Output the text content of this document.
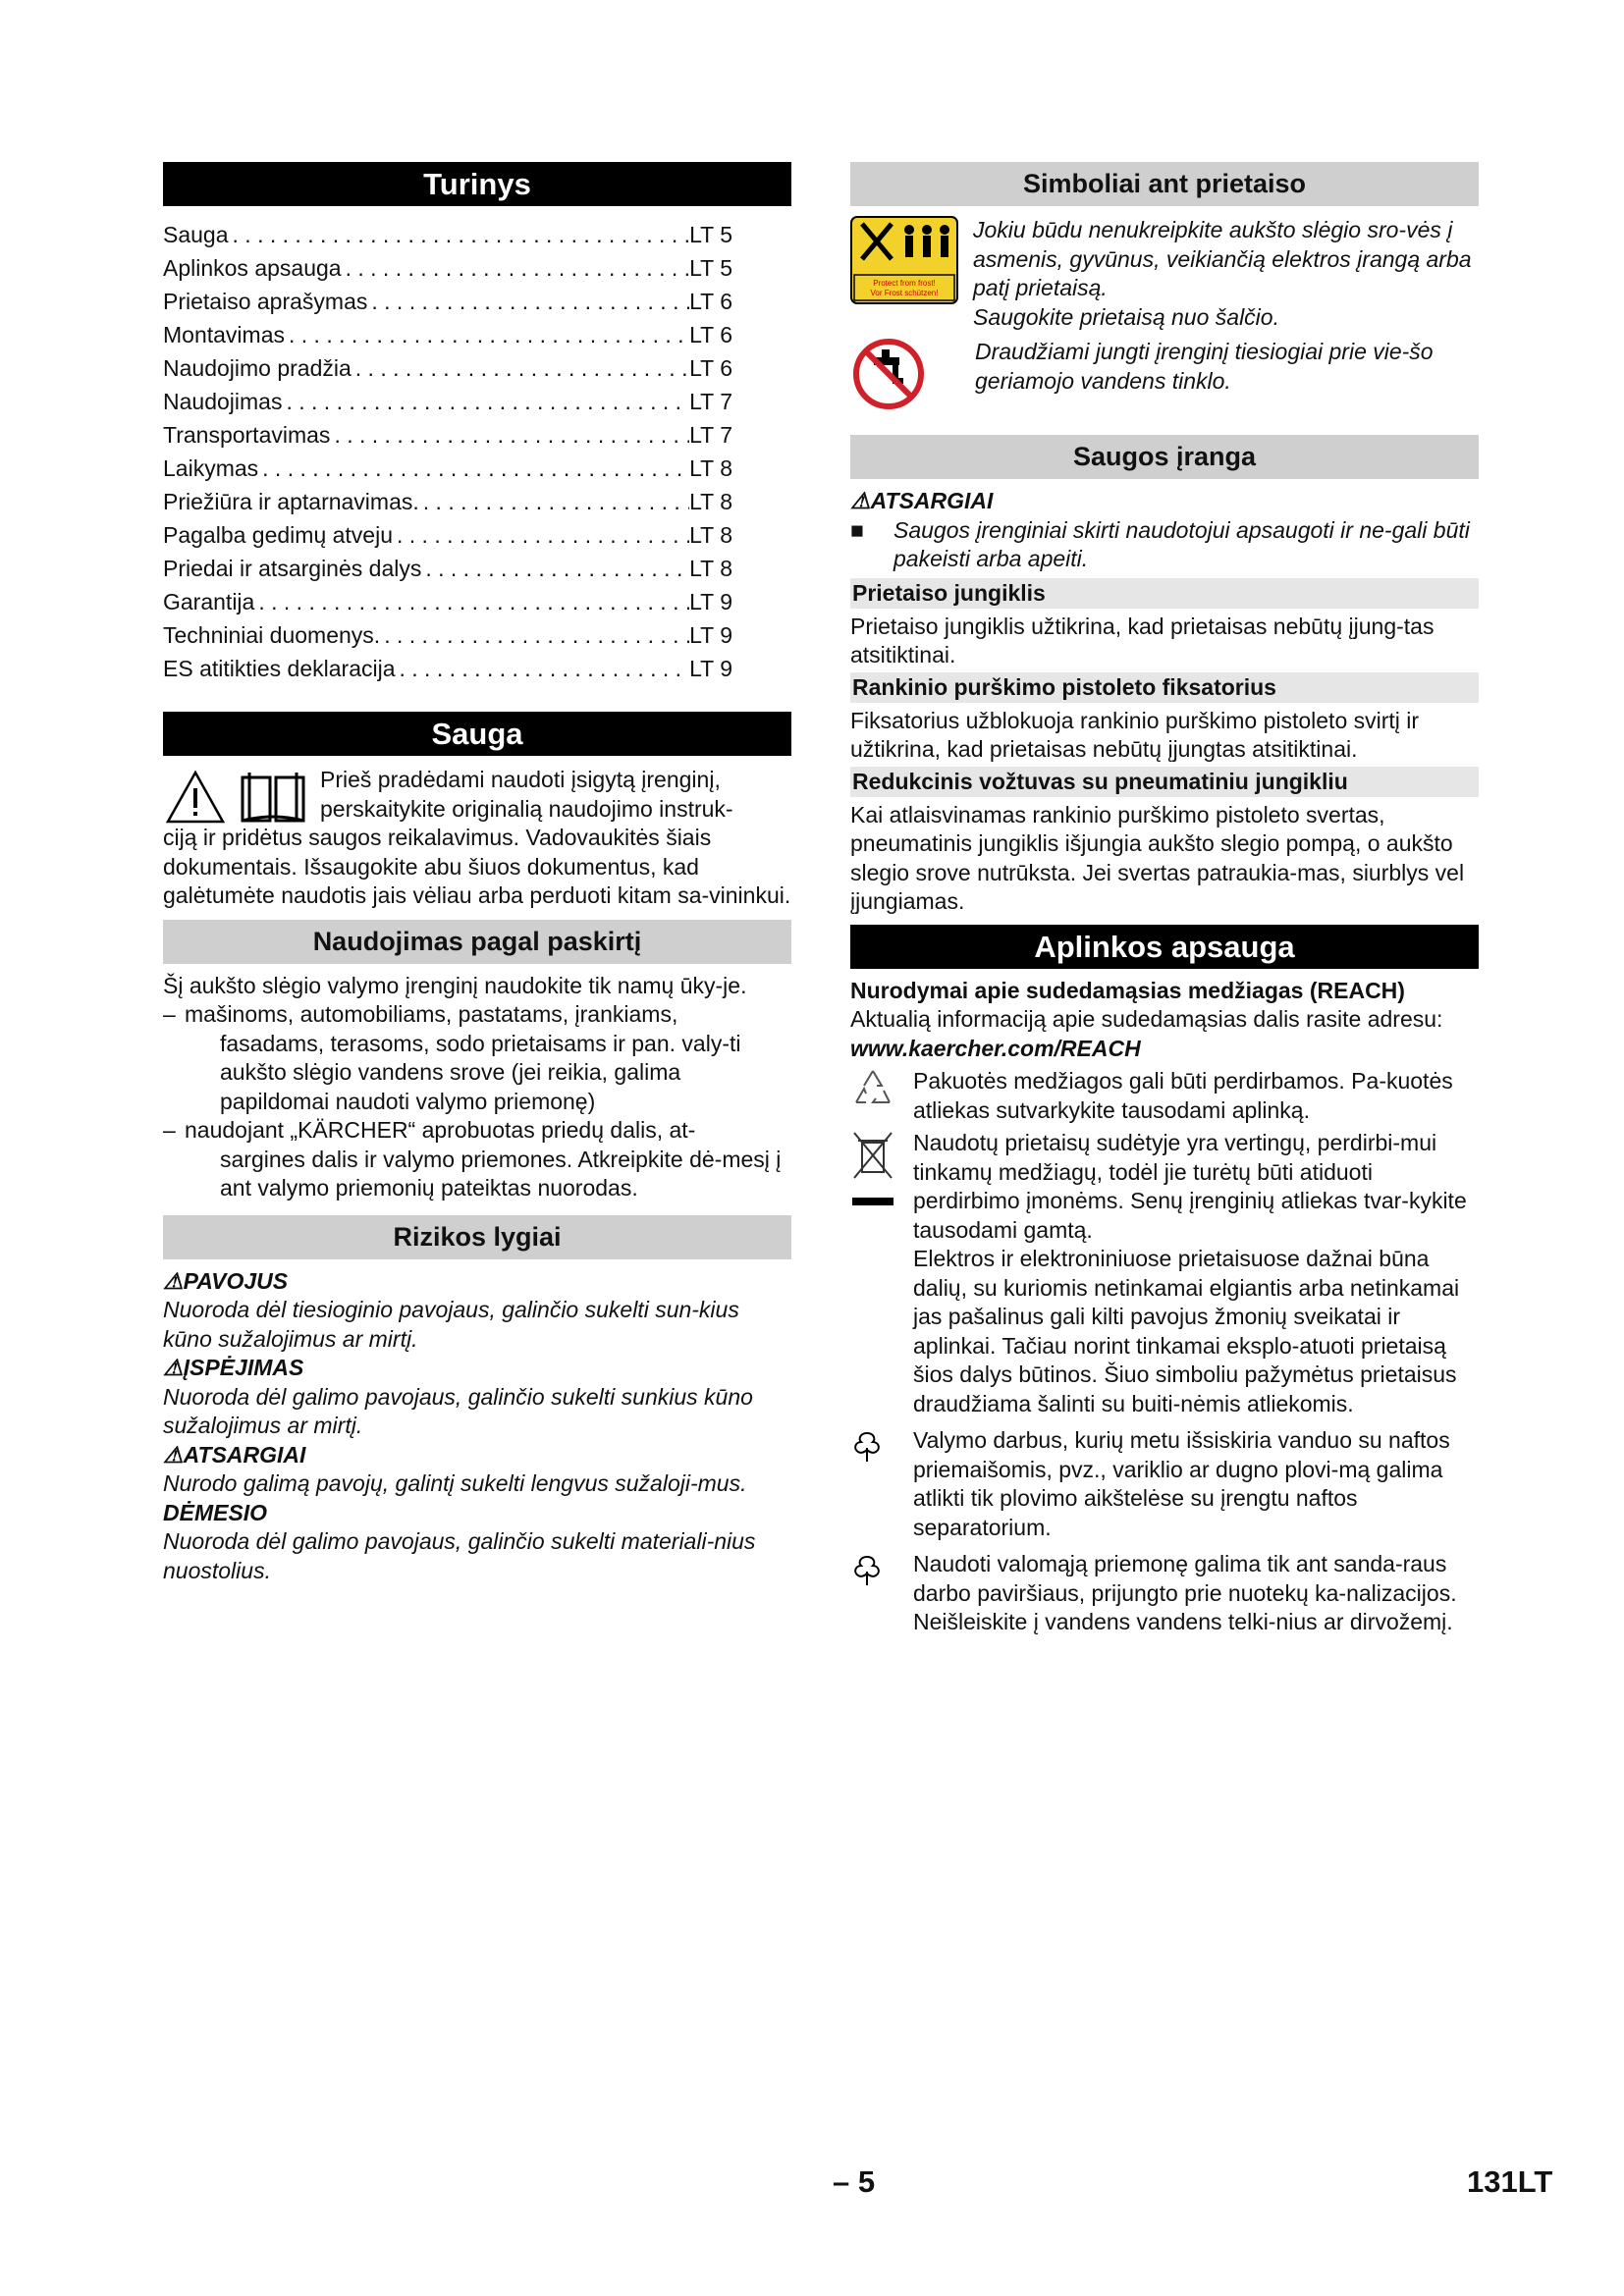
Turinys
Sauga . . .	LT 5
Aplinkos apsauga . . .	LT 5
Prietaiso aprašymas . . .	LT 6
Montavimas . . .	LT 6
Naudojimo pradžia . . .	LT 6
Naudojimas . . .	LT 7
Transportavimas . . .	LT 7
Laikymas . . .	LT 8
Priežiūra ir aptarnavimas. . . .	LT 8
Pagalba gedimų atveju . . .	LT 8
Priedai ir atsarginės dalys . . .	LT 8
Garantija . . .	LT 9
Techniniai duomenys. . . .	LT 9
ES atitikties deklaracija . . .	LT 9
Sauga

Prieš pradėdami naudoti įsigytą įrenginį,

perskaitykite originalią naudojimo instruk-

ciją ir pridėtus saugos reikalavimus. Vadovaukitės šiais dokumentais. Išsaugokite abu šiuos dokumentus, kad galėtumėte naudotis jais vėliau arba perduoti kitam sa-vininkui.

Naudojimas pagal paskirtį

Šį aukšto slėgio valymo įrenginį naudokite tik namų ūky-je.

– mašinoms, automobiliams, pastatams, įrankiams,
fasadams, terasoms, sodo prietaisams ir pan. valy-ti aukšto slėgio vandens srove (jei reikia, galima papildomai naudoti valymo priemonę)
– naudojant „KÄRCHER“ aprobuotas priedų dalis, at-
sargines dalis ir valymo priemones. Atkreipkite dė-mesį į ant valymo priemonių pateiktas nuorodas.
Rizikos lygiai

⚠PAVOJUS

Nuoroda dėl tiesioginio pavojaus, galinčio sukelti sun-kius kūno sužalojimus ar mirtį.

⚠ĮSPĖJIMAS

Nuoroda dėl galimo pavojaus, galinčio sukelti sunkius kūno sužalojimus ar mirtį.

⚠ATSARGIAI

Nurodo galimą pavojų, galintį sukelti lengvus sužaloji-mus.

DĖMESIO

Nuoroda dėl galimo pavojaus, galinčio sukelti materiali-nius nuostolius.

Simboliai ant prietaiso
Protect from frost!
Vor Frost schützen!

Jokiu būdu nenukreipkite aukšto slėgio sro-vės į asmenis, gyvūnus, veikiančią elektros įrangą arba patį prietaisą.

Saugokite prietaisą nuo šalčio.

Draudžiami jungti įrenginį tiesiogiai prie vie-šo geriamojo vandens tinklo.

Saugos įranga

⚠ATSARGIAI

■	Saugos įrenginiai skirti naudotojui apsaugoti ir ne-gali būti pakeisti arba apeiti.

Prietaiso jungiklis

Prietaiso jungiklis užtikrina, kad prietaisas nebūtų įjung-tas atsitiktinai.

Rankinio purškimo pistoleto fiksatorius

Fiksatorius užblokuoja rankinio purškimo pistoleto svirtį ir užtikrina, kad prietaisas nebūtų įjungtas atsitiktinai.

Redukcinis vožtuvas su pneumatiniu jungikliu

Kai atlaisvinamas rankinio purškimo pistoleto svertas, pneumatinis jungiklis išjungia aukšto slegio pompą, o aukšto slegio srove nutrūksta. Jei svertas patraukia-mas, siurblys vel įjungiamas.

Aplinkos apsauga

Nurodymai apie sudedamąsias medžiagas (REACH)

Aktualią informaciją apie sudedamąsias dalis rasite adresu:

www.kaercher.com/REACH

Pakuotės medžiagos gali būti perdirbamos. Pa-kuotės atliekas sutvarkykite tausodami aplinką.

Naudotų prietaisų sudėtyje yra vertingų, perdirbi-mui tinkamų medžiagų, todėl jie turėtų būti atiduoti perdirbimo įmonėms. Senų įrenginių atliekas tvar-kykite tausodami gamtą.

Elektros ir elektroniniuose prietaisuose dažnai būna dalių, su kuriomis netinkamai elgiantis arba netinkamai jas pašalinus gali kilti pavojus žmonių sveikatai ir aplinkai. Tačiau norint tinkamai eksplo-atuoti prietaisą šios dalys būtinos. Šiuo simboliu pažymėtus prietaisus draudžiama šalinti su buiti-nėmis atliekomis.

Valymo darbus, kurių metu išsiskiria vanduo su naftos priemaišomis, pvz., variklio ar dugno plovi-mą galima atlikti tik plovimo aikštelėse su įrengtu naftos separatorium.

Naudoti valomąją priemonę galima tik ant sanda-raus darbo paviršiaus, prijungto prie nuotekų ka-nalizacijos. Neišleiskite į vandens vandens telki-nius ar dirvožemį.

– 5	131LT
